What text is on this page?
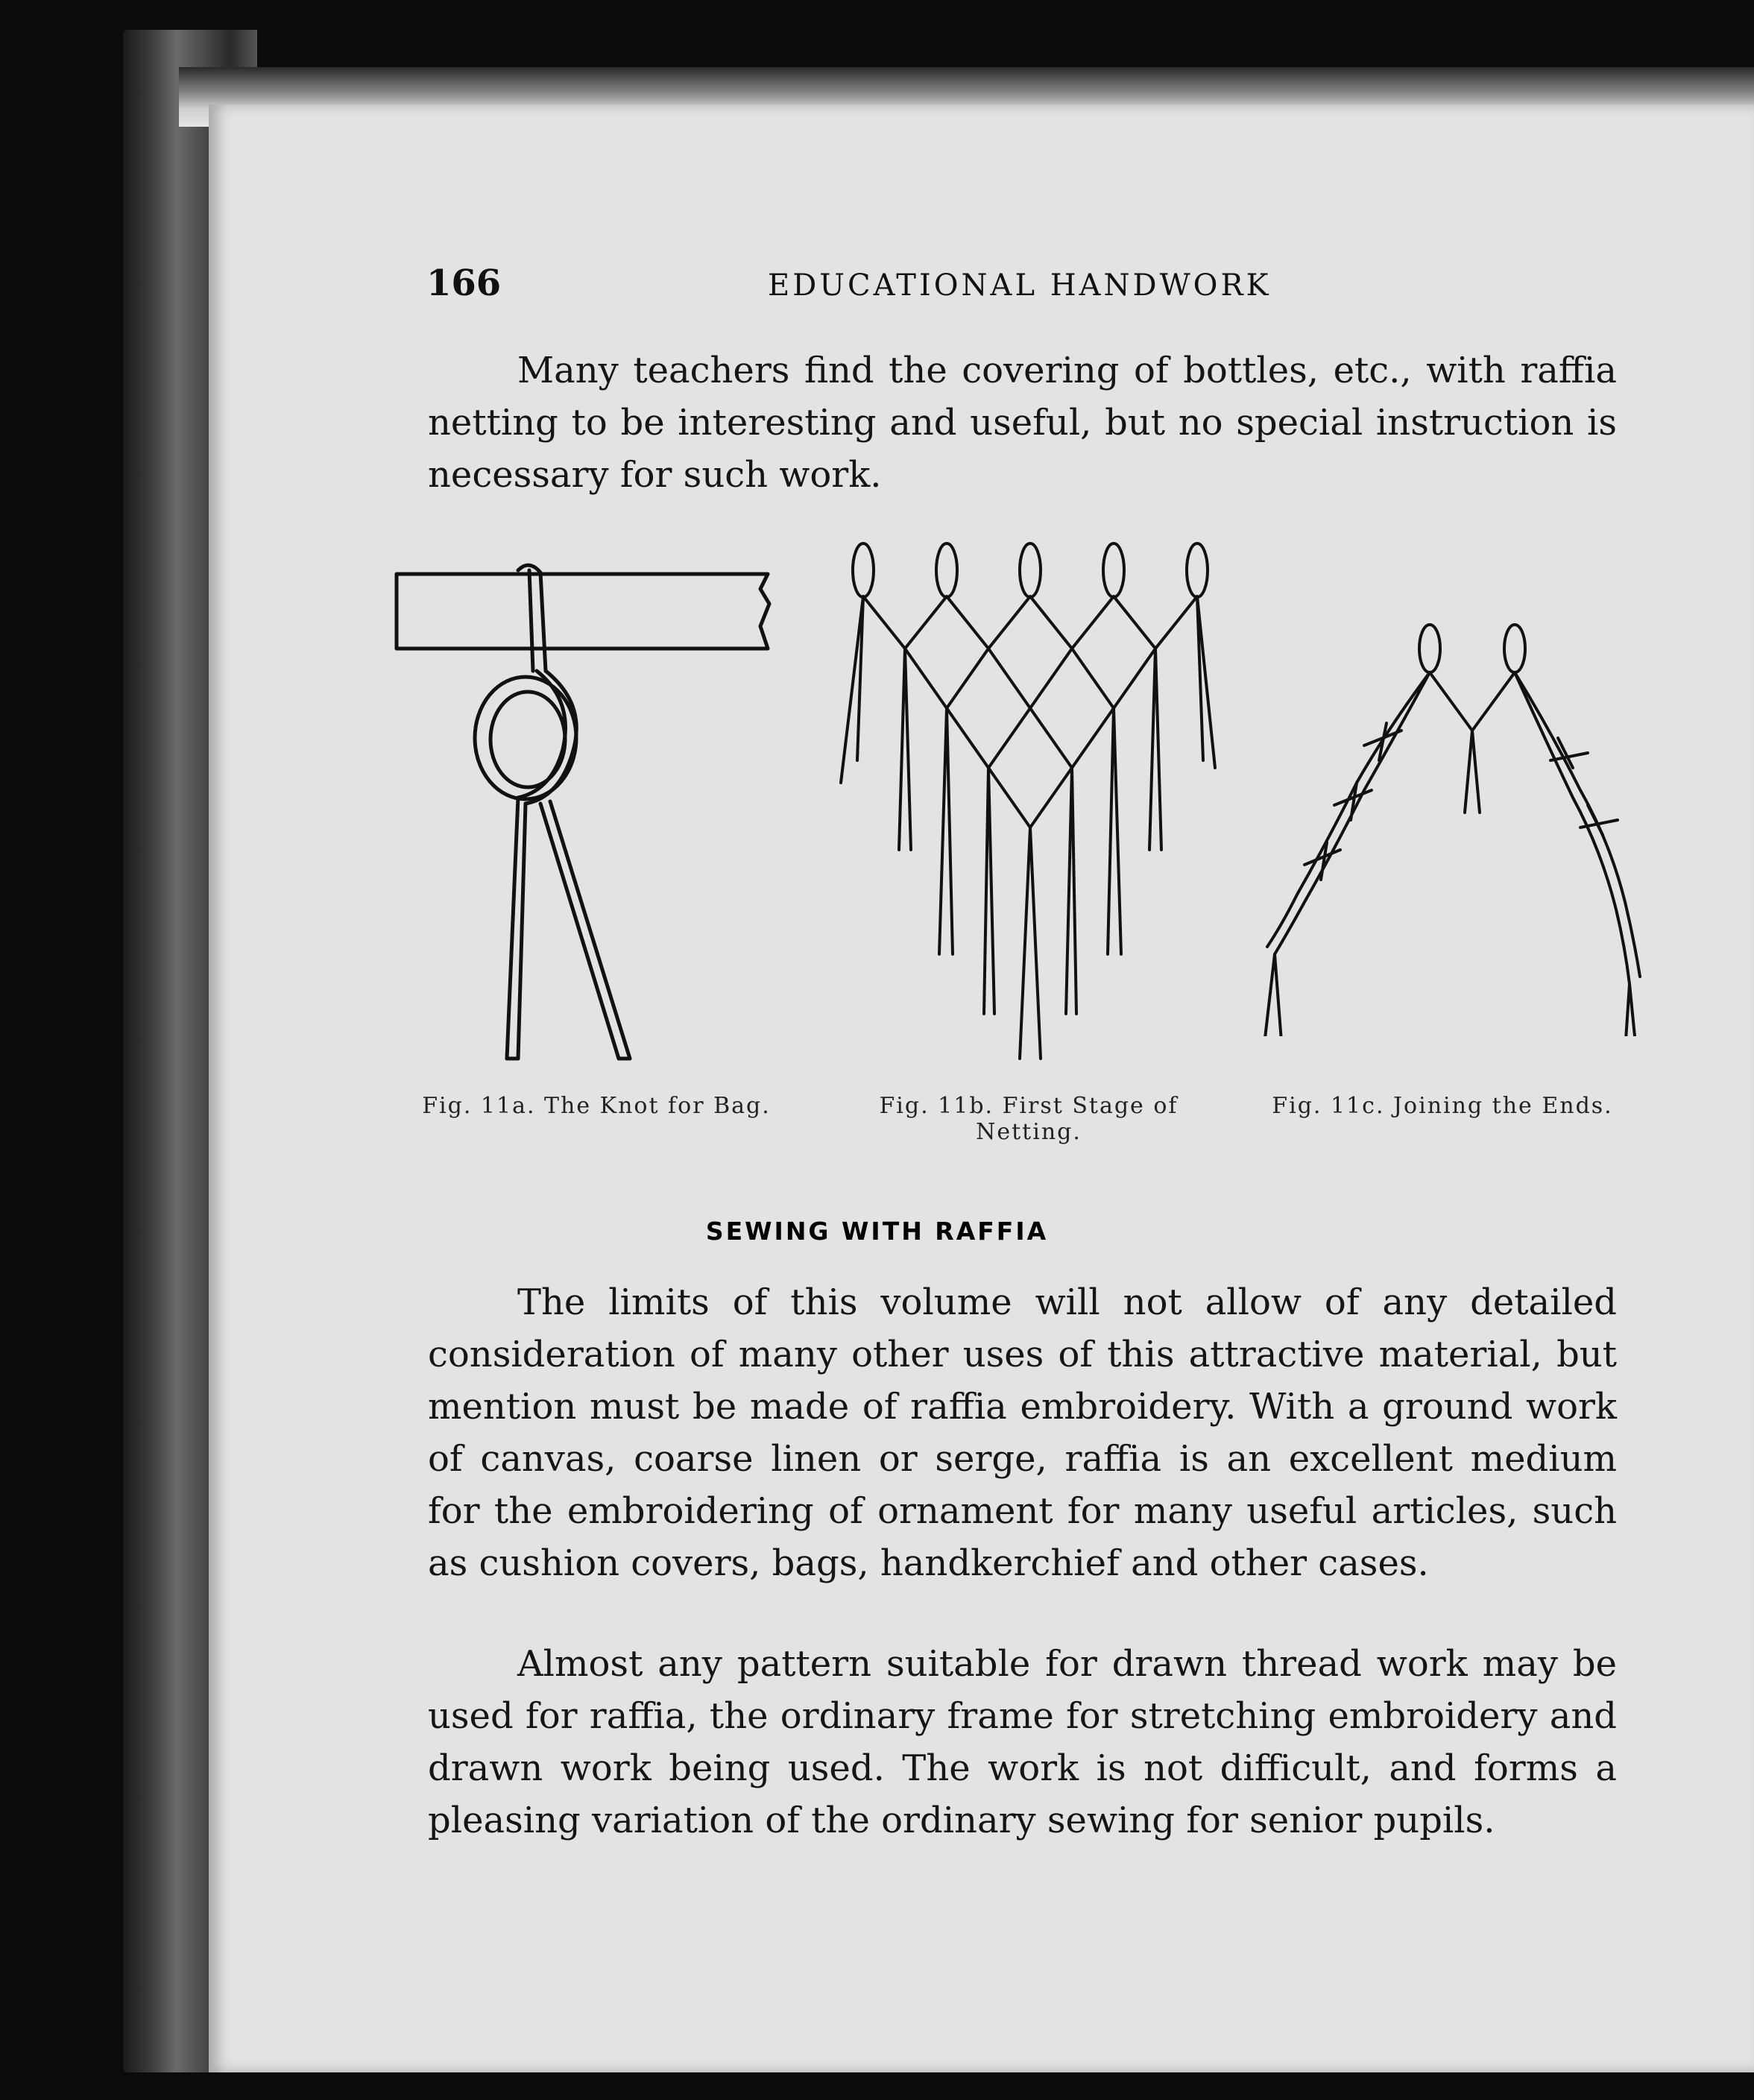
166	EDUCATIONAL HANDWORK
Many teachers find the covering of bottles, etc., with raffia netting to be interesting and useful, but no special instruction is necessary for such work.
Fig. 11a. The Knot for Bag.	Fig. 11b. First Stage of Netting.
Fig. 11c. Joining the Ends.
SEWING WITH RAFFIA
The limits of this volume will not allow of any detailed consideration of many other uses of this attractive material, but mention must be made of raffia embroidery. With a ground work of canvas, coarse linen or serge, raffia is an excellent medium for the embroidering of ornament for many useful articles, such as cushion covers, bags, handkerchief and other cases.
Almost any pattern suitable for drawn thread work may be used for raffia, the ordinary frame for stretching embroidery and drawn work being used. The work is not difficult, and forms a pleasing variation of the ordinary sewing for senior pupils.
